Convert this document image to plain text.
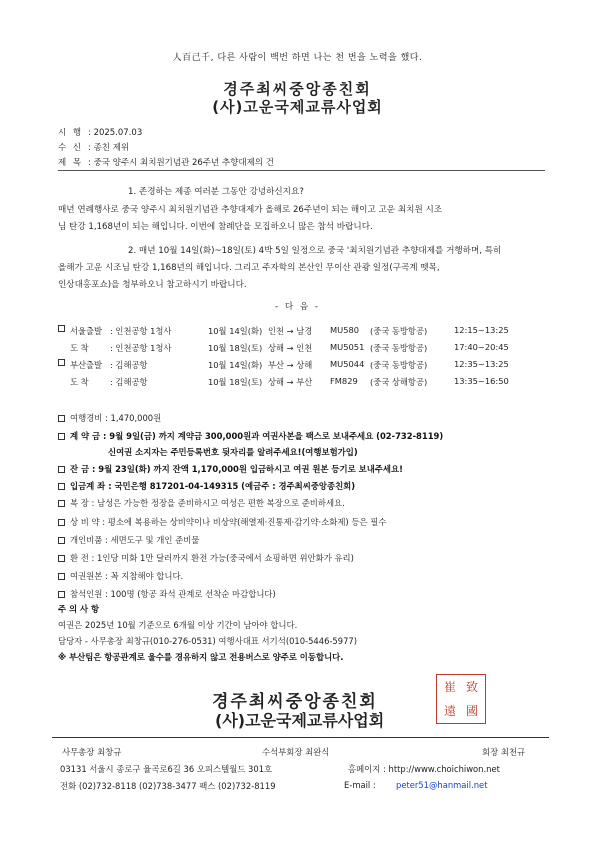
人百己千, 다른 사람이 백번 하면 나는 천 번을 노력을 했다.
경주최씨중앙종친회
(사)고운국제교류사업회
시 행 : 2025.07.03
수 신 : 종친 제위
제 목 : 중국 양주시 최치원기념관 26주년 추향대제의 건
1. 존경하는 제종 여러분 그동안 강녕하신지요?
매년 연례행사로 중국 양주시 최치원기념관 추향대제가 올해로 26주년이 되는 해이고 고운 최치원 시조
님 탄강 1,168년이 되는 해입니다. 이번에 참례단을 모집하오니 많은 참석 바랍니다.
2. 매년 10월 14일(화)~18일(토) 4박 5일 일정으로 중국 '최치원기념관 추향대제를 거행하며, 특히
올해가 고운 시조님 탄강 1,168년의 해입니다. 그리고 주자학의 본산인 무이산 관광 일정(구곡계 뗏목,
인상대홍포쇼)을 청부하오니 참고하시기 바랍니다.
- 다 음 -
서울출발 : 인천공항 1청사	10월 14일(화) 인천 → 남경 MU580 (중국 동방항공)	12:15~13:25
도 착	: 인천공항 1청사	10월 18일(토) 상해 → 인천 MU5051 (중국 동방항공)	17:40~20:45
부산출발 : 김해공항	10월 14일(화) 부산 → 상해 MU5044 (중국 동방항공)	12:35~13:25
도 착	: 김해공항	10월 18일(토) 상해 → 부산 FM829 (중국 상해항공)	13:35~16:50
여행경비 : 1,470,000원
계 약 금 : 9월 9일(금) 까지 계약금 300,000원과 여권사본을 팩스로 보내주세요 (02-732-8119)
신여권 소지자는 주민등록번호 뒷자리를 알려주세요!(여행보험가입)
잔 금 : 9월 23일(화) 까지 잔액 1,170,000원 입금하시고 여권 원본 등기로 보내주세요!
입금계 좌 : 국민은행 817201-04-149315 (예금주 : 경주최씨중앙종친회)
복 장 : 남성은 가능한 정장을 준비하시고 여성은 편한 복장으로 준비하세요.
상 비 약 : 평소에 복용하는 상비약이나 비상약(해열제·진통제·감기약·소화제) 등은 필수
개인비품 : 세면도구 및 개인 준비물
환 전 : 1인당 미화 1만 달러까지 환전 가능(중국에서 쇼핑하면 위안화가 유리)
여권원본 : 꼭 지참해야 합니다.
참석인원 : 100명 (항공 좌석 관계로 선착순 마감합니다)
주 의 사 항
여권은 2025년 10월 기준으로 6개월 이상 기간이 남아야 합니다.
담당자 - 사무총장 최창규(010-276-0531) 여행사대표 서기석(010-5446-5977)
※ 부산팀은 항공관계로 울수를 경유하지 않고 전용버스로 양주로 이동합니다.
경주최씨중앙종친회
(사)고운국제교류사업회
崔 致
遠 國
사무총장 최창규	수석부회장 최완식	회장 최천규
03131 서울시 종로구 율곡로6길 36 오피스텔월드 301호	홈페이지 : http://www.choichiwon.net
전화 (02)732-8118 (02)738-3477 팩스 (02)732-8119	E-mail : peter51@hanmail.net
